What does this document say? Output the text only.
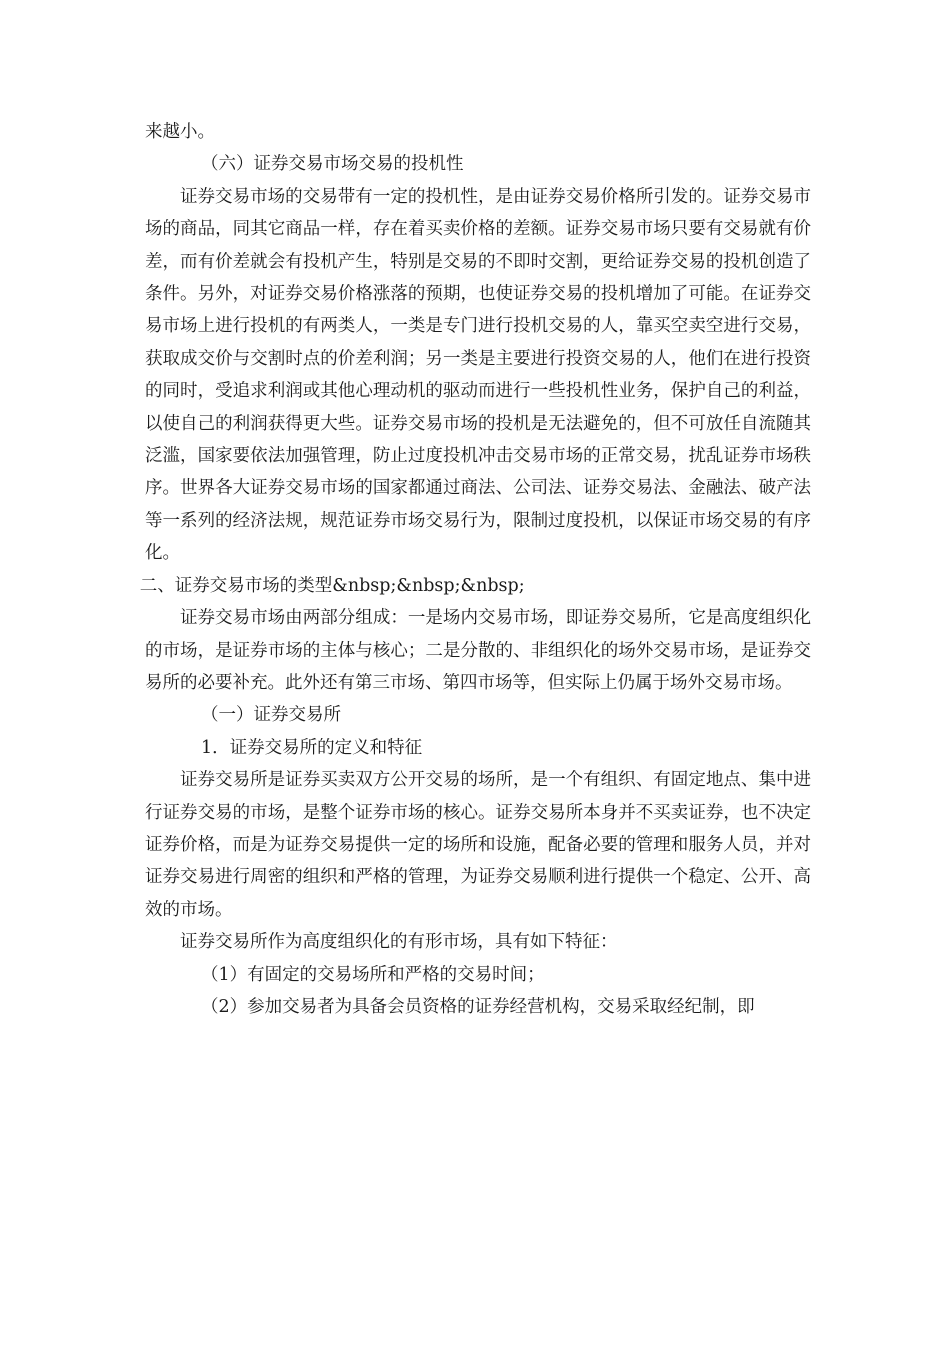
来越小。

（六）证券交易市场交易的投机性

证券交易市场的交易带有一定的投机性，是由证券交易价格所引发的。证券交易市场的商品，同其它商品一样，存在着买卖价格的差额。证券交易市场只要有交易就有价差，而有价差就会有投机产生，特别是交易的不即时交割，更给证券交易的投机创造了条件。另外，对证券交易价格涨落的预期，也使证券交易的投机增加了可能。在证券交易市场上进行投机的有两类人，一类是专门进行投机交易的人，靠买空卖空进行交易，获取成交价与交割时点的价差利润；另一类是主要进行投资交易的人，他们在进行投资的同时，受追求利润或其他心理动机的驱动而进行一些投机性业务，保护自己的利益，以使自己的利润获得更大些。证券交易市场的投机是无法避免的，但不可放任自流随其泛滥，国家要依法加强管理，防止过度投机冲击交易市场的正常交易，扰乱证券市场秩序。世界各大证券交易市场的国家都通过商法、公司法、证券交易法、金融法、破产法等一系列的经济法规，规范证券市场交易行为，限制过度投机，以保证市场交易的有序化。

二、证券交易市场的类型&nbsp;&nbsp;&nbsp;

证券交易市场由两部分组成：一是场内交易市场，即证券交易所，它是高度组织化的市场，是证券市场的主体与核心；二是分散的、非组织化的场外交易市场，是证券交易所的必要补充。此外还有第三市场、第四市场等，但实际上仍属于场外交易市场。

（一）证券交易所

1．证券交易所的定义和特征

证券交易所是证券买卖双方公开交易的场所，是一个有组织、有固定地点、集中进行证券交易的市场，是整个证券市场的核心。证券交易所本身并不买卖证券，也不决定证券价格，而是为证券交易提供一定的场所和设施，配备必要的管理和服务人员，并对证券交易进行周密的组织和严格的管理，为证券交易顺利进行提供一个稳定、公开、高效的市场。

证券交易所作为高度组织化的有形市场，具有如下特征：

（1）有固定的交易场所和严格的交易时间；

（2）参加交易者为具备会员资格的证券经营机构，交易采取经纪制，即
